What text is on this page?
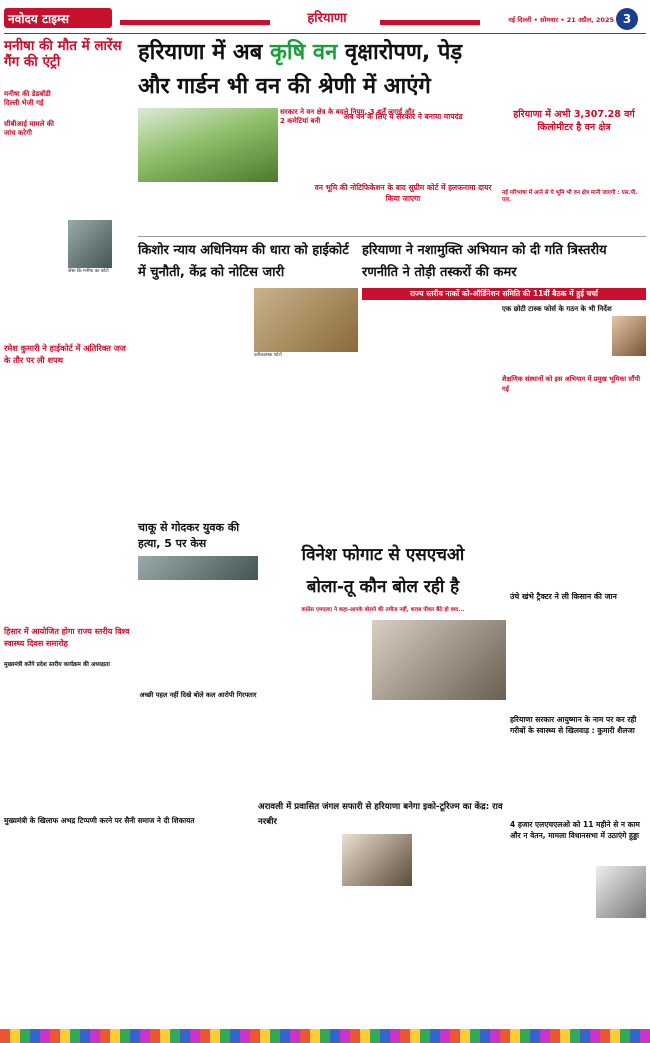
नवोदय टाइम्स	हरियाणा	नई दिल्ली • सोमवार • 21 अप्रैल, 2025 3
मनीषा की मौत में लारेंस गैंग की एंट्री
मनीषा की डेडबॉडी दिल्ली भेजी गई
सीबीआई मामले की जांच करेगी
जैसा कि मनीषा का फोटो
हरियाणा में अब कृषि वन वृक्षारोपण, पेड़
और गार्डन भी वन की श्रेणी में आएंगे
सरकार ने वन क्षेत्र के बदले नियम, 3 शर्तें लगाईं और 2 कमेटियां बनी	अब वन के लिए ये सरकार ने बनाया मापदंड
वन भूमि की नोटिफिकेशन के बाद सुप्रीम कोर्ट में हलफनामा दायर किया जाएगा
हरियाणा में अभी 3,307.28 वर्ग किलोमीटर है वन क्षेत्र
नई परिभाषा में आने से ये भूमि भी वन क्षेत्र मानी जाएगी : एस.पी. एल.
किशोर न्याय अधिनियम की धारा को हाईकोर्ट में चुनौती, केंद्र को नोटिस जारी
प्रतीकात्मक फोटो
हरियाणा ने नशामुक्ति अभियान को दी गति त्रिस्तरीय रणनीति ने तोड़ी तस्करों की कमर
राज्य स्तरीय नार्को को-ऑर्डिनेशन समिति की 11वीं बैठक में हुई चर्चा
एक छोटी टास्क फोर्स के गठन के भी निर्देश
शैक्षणिक संस्थानों को इस अभियान में प्रमुख भूमिका सौंपी गई
रमेश कुमारी ने हाईकोर्ट में अतिरिक्त जज के तौर पर ली शपथ
हिसार में आयोजित होगा राज्य स्तरीय विश्व स्वास्थ्य दिवस समारोह
मुख्यमंत्री करेंगे प्रदेश स्तरीय कार्यक्रम की अध्यक्षता
चाकू से गोदकर युवक की हत्या, 5 पर केस
अच्छी पहल नहीं दिखे बोले कल आरोपी गिरफ्तार
विनेश फोगाट से एसएचओ
बोला-तू कौन बोल रही है
कांग्रेस एमएलए ने कहा-आपके बोलने की तमीज नहीं, शराब पीकर बैठे हो क्या...
उंचे खंभे ट्रैक्टर ने ली किसान की जान
हरियाणा सरकार आयुष्मान के नाम पर कर रही गरीबों के स्वास्थ्य से खिलवाड़ : कुमारी शैलजा
अरावली में प्रवासित जंगल सफारी से हरियाणा बनेगा इको-टूरिज्म का केंद्र: राव नरबीर	4 हजार एलएचएलओ को 11 महीने से न काम और न वेतन, मामला विधानसभा में उठाएंगे हुड्डा
मुख्यमंत्री के खिलाफ अभद्र टिप्पणी करने पर सैनी समाज ने दी शिकायत
